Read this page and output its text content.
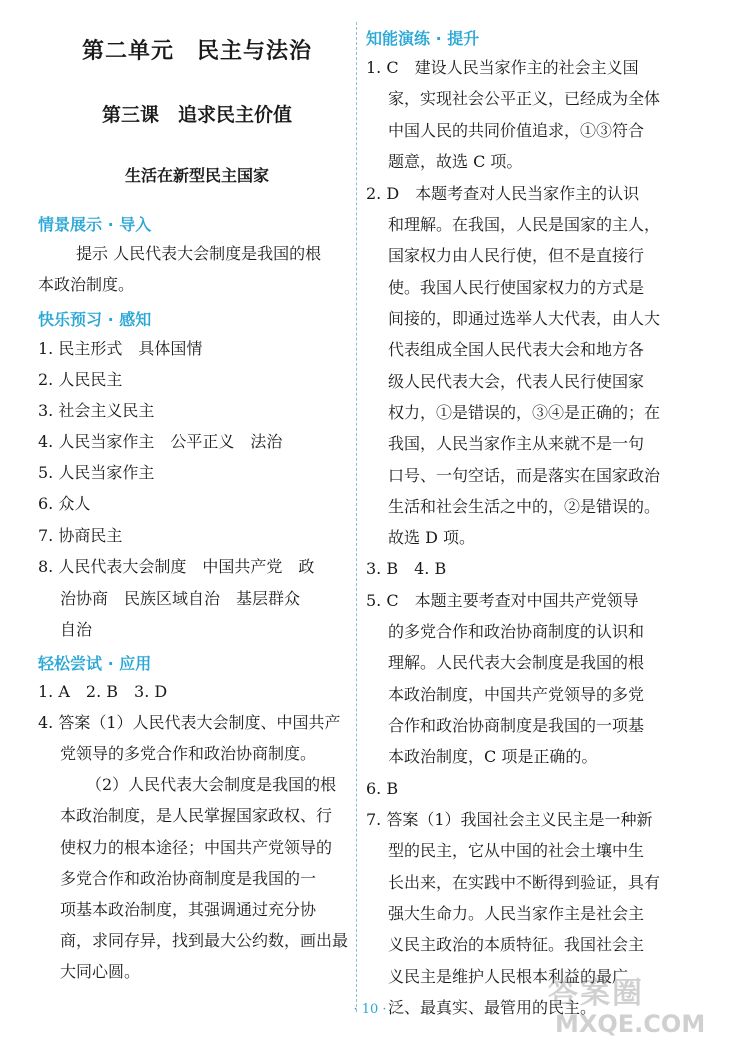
第二单元　民主与法治
第三课　追求民主价值
生活在新型民主国家
情景展示 · 导入
提示 人民代表大会制度是我国的根
本政治制度。
快乐预习 · 感知
1. 民主形式　具体国情
2. 人民民主
3. 社会主义民主
4. 人民当家作主　公平正义　法治
5. 人民当家作主
6. 众人
7. 协商民主
8. 人民代表大会制度　中国共产党　政
治协商　民族区域自治　基层群众
自治
轻松尝试 · 应用
1. A　2. B　3. D
4. 答案（1）人民代表大会制度、中国共产
党领导的多党合作和政治协商制度。
（2）人民代表大会制度是我国的根
本政治制度，是人民掌握国家政权、行
使权力的根本途径；中国共产党领导的
多党合作和政治协商制度是我国的一
项基本政治制度，其强调通过充分协
商，求同存异，找到最大公约数，画出最
大同心圆。
知能演练 · 提升
1. C　建设人民当家作主的社会主义国
家，实现社会公平正义，已经成为全体
中国人民的共同价值追求，①③符合
题意，故选 C 项。
2. D　本题考查对人民当家作主的认识
和理解。在我国，人民是国家的主人，
国家权力由人民行使，但不是直接行
使。我国人民行使国家权力的方式是
间接的，即通过选举人大代表，由人大
代表组成全国人民代表大会和地方各
级人民代表大会，代表人民行使国家
权力，①是错误的，③④是正确的；在
我国，人民当家作主从来就不是一句
口号、一句空话，而是落实在国家政治
生活和社会生活之中的，②是错误的。
故选 D 项。
3. B　4. B
5. C　本题主要考查对中国共产党领导
的多党合作和政治协商制度的认识和
理解。人民代表大会制度是我国的根
本政治制度，中国共产党领导的多党
合作和政治协商制度是我国的一项基
本政治制度，C 项是正确的。
6. B
7. 答案（1）我国社会主义民主是一种新
型的民主，它从中国的社会土壤中生
长出来，在实践中不断得到验证，具有
强大生命力。人民当家作主是社会主
义民主政治的本质特征。我国社会主
义民主是维护人民根本利益的最广
泛、最真实、最管用的民主。
· 10 ·	答案圈
MXQE.COM
